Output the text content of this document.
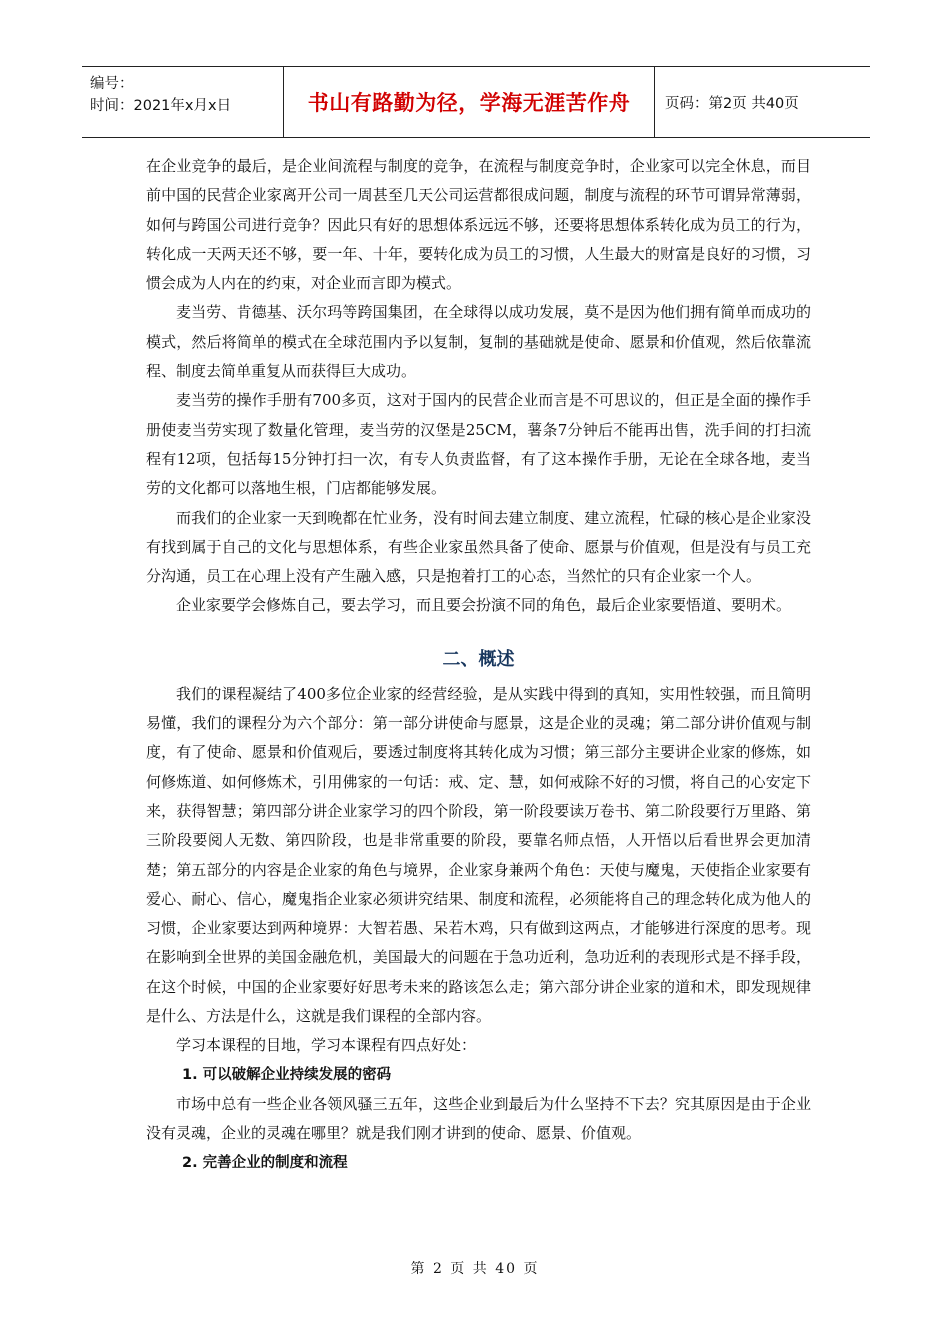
编号：
时间：2021年x月x日	书山有路勤为径，学海无涯苦作舟	页码：第2页 共40页

在企业竞争的最后，是企业间流程与制度的竞争，在流程与制度竞争时，企业家可以完全休息，而目前中国的民营企业家离开公司一周甚至几天公司运营都很成问题，制度与流程的环节可谓异常薄弱，如何与跨国公司进行竞争？因此只有好的思想体系远远不够，还要将思想体系转化成为员工的行为，转化成一天两天还不够，要一年、十年，要转化成为员工的习惯，人生最大的财富是良好的习惯，习惯会成为人内在的约束，对企业而言即为模式。

麦当劳、肯德基、沃尔玛等跨国集团，在全球得以成功发展，莫不是因为他们拥有简单而成功的模式，然后将简单的模式在全球范围内予以复制，复制的基础就是使命、愿景和价值观，然后依靠流程、制度去简单重复从而获得巨大成功。

麦当劳的操作手册有700多页，这对于国内的民营企业而言是不可思议的，但正是全面的操作手册使麦当劳实现了数量化管理，麦当劳的汉堡是25CM，薯条7分钟后不能再出售，洗手间的打扫流程有12项，包括每15分钟打扫一次，有专人负责监督，有了这本操作手册，无论在全球各地，麦当劳的文化都可以落地生根，门店都能够发展。

而我们的企业家一天到晚都在忙业务，没有时间去建立制度、建立流程，忙碌的核心是企业家没有找到属于自己的文化与思想体系，有些企业家虽然具备了使命、愿景与价值观，但是没有与员工充分沟通，员工在心理上没有产生融入感，只是抱着打工的心态，当然忙的只有企业家一个人。

企业家要学会修炼自己，要去学习，而且要会扮演不同的角色，最后企业家要悟道、要明术。

二、概述

我们的课程凝结了400多位企业家的经营经验，是从实践中得到的真知，实用性较强，而且简明易懂，我们的课程分为六个部分：第一部分讲使命与愿景，这是企业的灵魂；第二部分讲价值观与制度，有了使命、愿景和价值观后，要透过制度将其转化成为习惯；第三部分主要讲企业家的修炼，如何修炼道、如何修炼术，引用佛家的一句话：戒、定、慧，如何戒除不好的习惯，将自己的心安定下来，获得智慧；第四部分讲企业家学习的四个阶段，第一阶段要读万卷书、第二阶段要行万里路、第三阶段要阅人无数、第四阶段，也是非常重要的阶段，要靠名师点悟，人开悟以后看世界会更加清楚；第五部分的内容是企业家的角色与境界，企业家身兼两个角色：天使与魔鬼，天使指企业家要有爱心、耐心、信心，魔鬼指企业家必须讲究结果、制度和流程，必须能将自己的理念转化成为他人的习惯，企业家要达到两种境界：大智若愚、呆若木鸡，只有做到这两点，才能够进行深度的思考。现在影响到全世界的美国金融危机，美国最大的问题在于急功近利，急功近利的表现形式是不择手段，在这个时候，中国的企业家要好好思考未来的路该怎么走；第六部分讲企业家的道和术，即发现规律是什么、方法是什么，这就是我们课程的全部内容。

学习本课程的目地，学习本课程有四点好处：

1. 可以破解企业持续发展的密码

市场中总有一些企业各领风骚三五年，这些企业到最后为什么坚持不下去？究其原因是由于企业没有灵魂，企业的灵魂在哪里？就是我们刚才讲到的使命、愿景、价值观。

2. 完善企业的制度和流程

第 2 页 共 40 页
